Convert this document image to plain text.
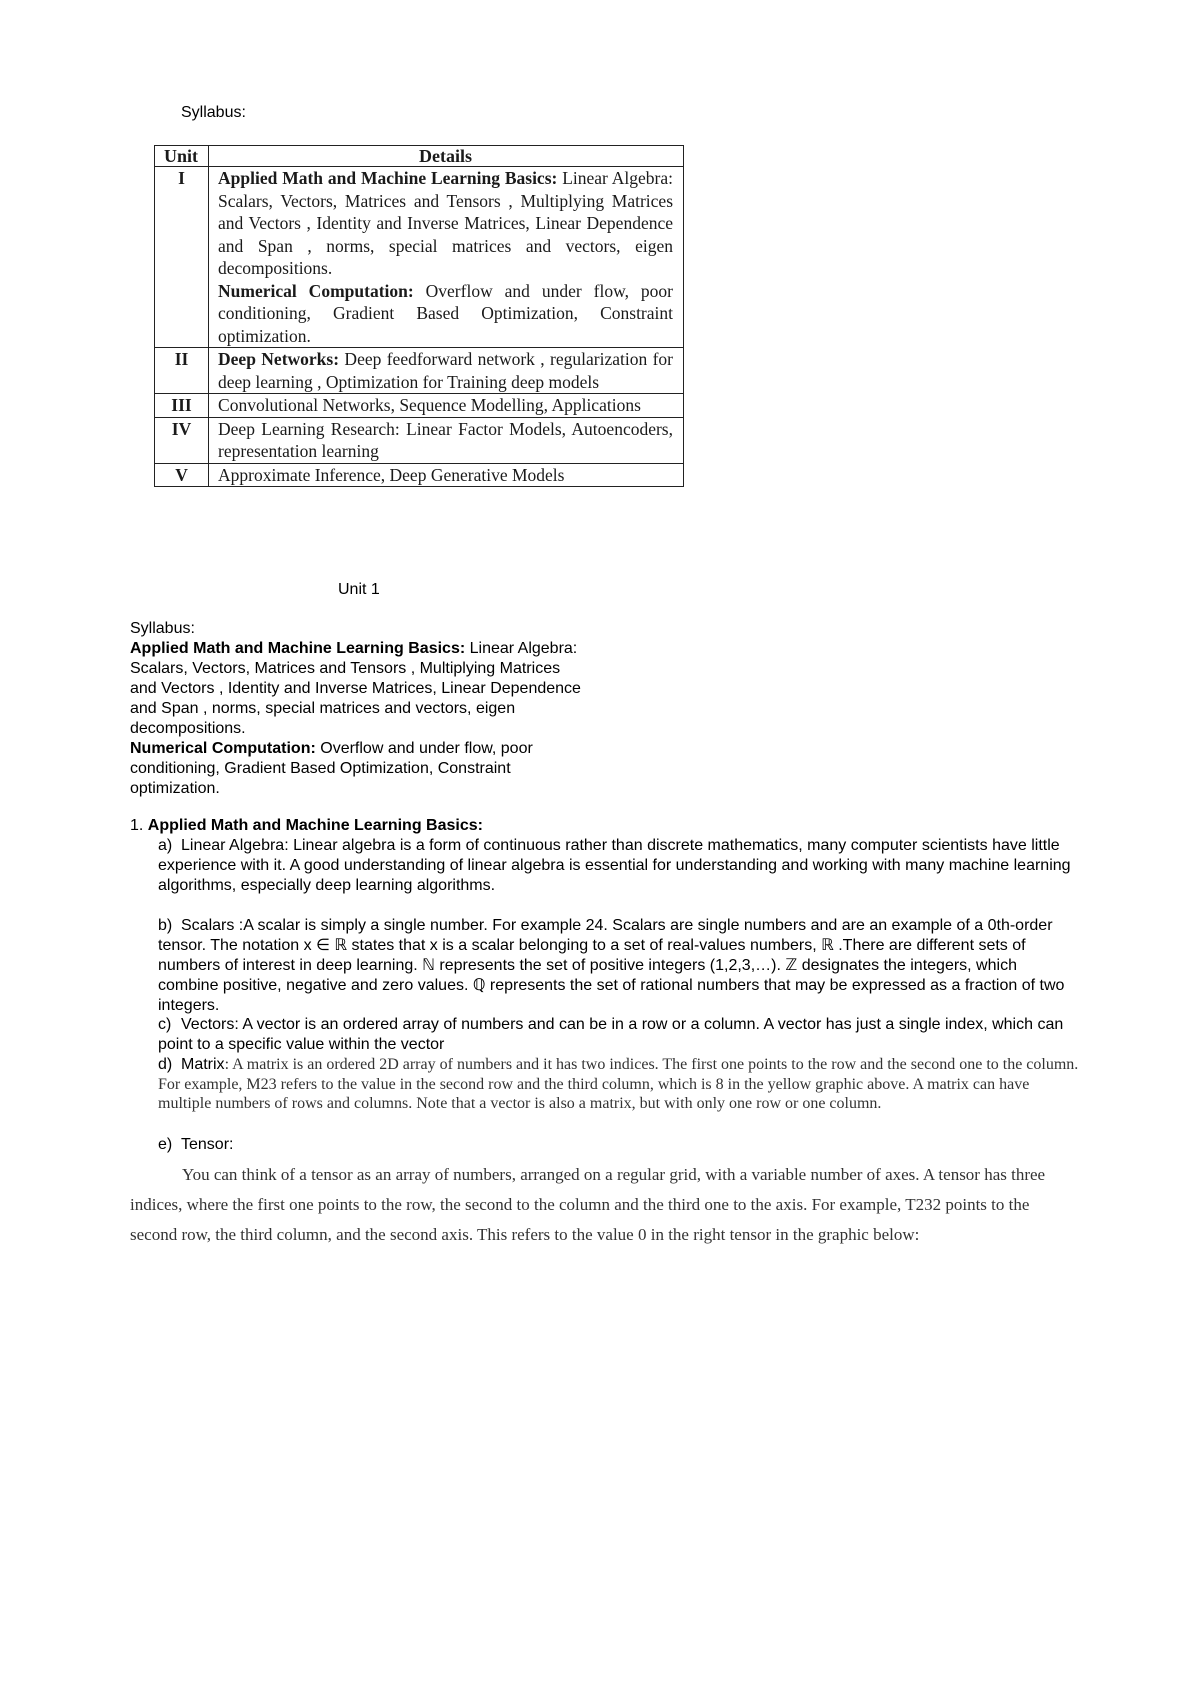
Syllabus:
Unit	Details
I	Applied Math and Machine Learning Basics: Linear Algebra: Scalars, Vectors, Matrices and Tensors , Multiplying Matrices and Vectors , Identity and Inverse Matrices, Linear Dependence and Span , norms, special matrices and vectors, eigen decompositions.
Numerical Computation: Overflow and under flow, poor conditioning, Gradient Based Optimization, Constraint optimization.

II	Deep Networks: Deep feedforward network , regularization for deep learning , Optimization for Training deep models

III	Convolutional Networks, Sequence Modelling, Applications
IV	Deep Learning Research: Linear Factor Models, Autoencoders, representation learning
V	Approximate Inference, Deep Generative Models
Unit 1
Syllabus:
Applied Math and Machine Learning Basics: Linear Algebra: Scalars, Vectors, Matrices and Tensors , Multiplying Matrices and Vectors , Identity and Inverse Matrices, Linear Dependence and Span , norms, special matrices and vectors, eigen decompositions.
Numerical Computation: Overflow and under flow, poor conditioning, Gradient Based Optimization, Constraint optimization.
1. Applied Math and Machine Learning Basics:

a) Linear Algebra: Linear algebra is a form of continuous rather than discrete mathematics, many computer scientists have little experience with it. A good understanding of linear algebra is essential for understanding and working with many machine learning algorithms, especially deep learning algorithms.

b) Scalars :A scalar is simply a single number. For example 24. Scalars are single numbers and are an example of a 0th-order tensor. The notation x ∈ ℝ states that x is a scalar belonging to a set of real-values numbers, ℝ .There are different sets of numbers of interest in deep learning. ℕ represents the set of positive integers (1,2,3,…). ℤ designates the integers, which combine positive, negative and zero values. ℚ represents the set of rational numbers that may be expressed as a fraction of two integers.

c) Vectors: A vector is an ordered array of numbers and can be in a row or a column. A vector has just a single index, which can point to a specific value within the vector

d) Matrix: A matrix is an ordered 2D array of numbers and it has two indices. The first one points to the row and the second one to the column. For example, M23 refers to the value in the second row and the third column, which is 8 in the yellow graphic above. A matrix can have multiple numbers of rows and columns. Note that a vector is also a matrix, but with only one row or one column.

e) Tensor:

You can think of a tensor as an array of numbers, arranged on a regular grid, with a variable number of axes. A tensor has three indices, where the first one points to the row, the second to the column and the third one to the axis. For example, T232 points to the second row, the third column, and the second axis. This refers to the value 0 in the right tensor in the graphic below:
